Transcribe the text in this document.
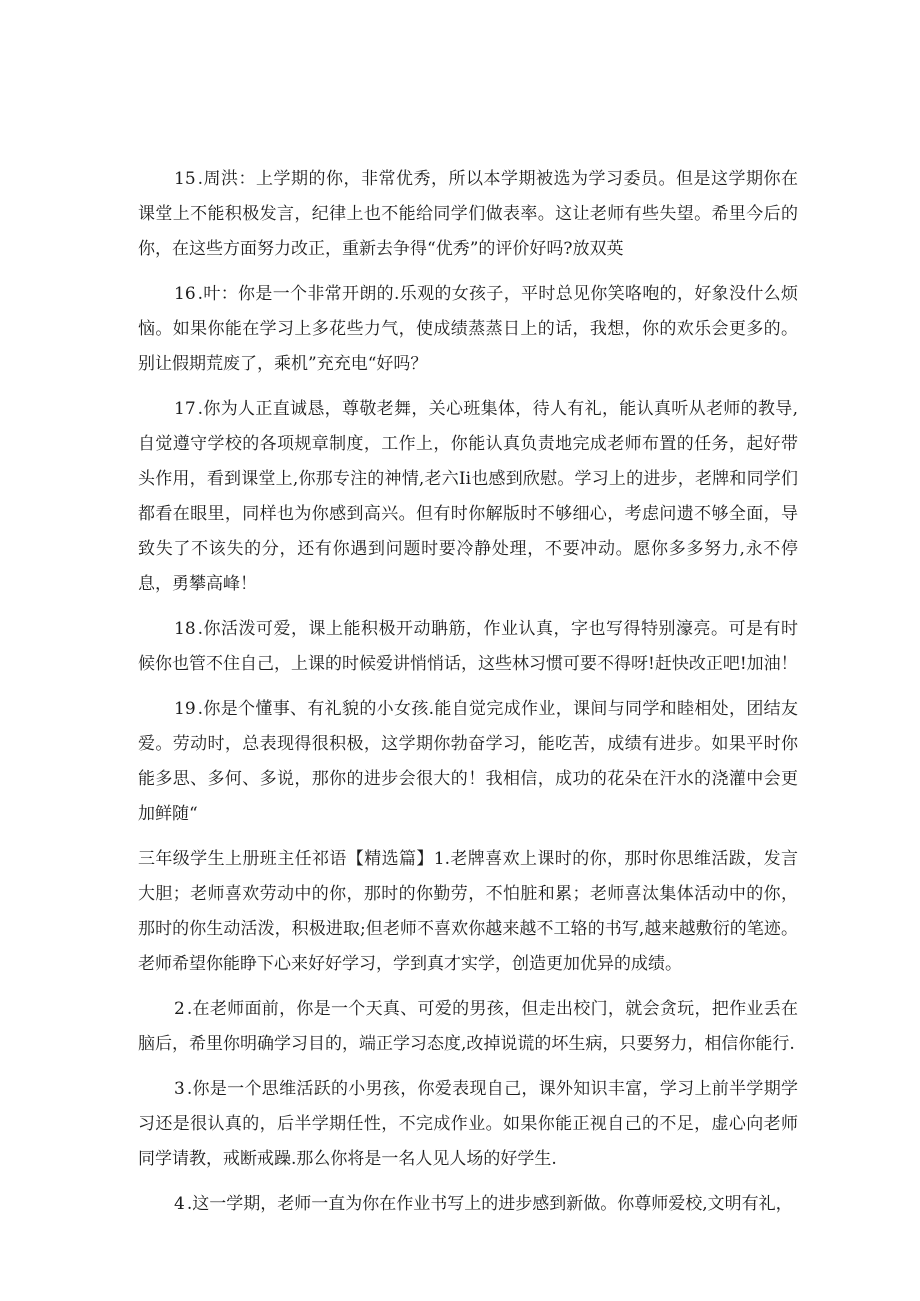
15 .周洪：上学期的你，非常优秀，所以本学期被选为学习委员。但是这学期你在课堂上不能积极发言，纪律上也不能给同学们做表率。这让老师有些失望。希里今后的你，在这些方面努力改正，重新去争得“优秀”的评价好吗?放双英

16 .叶：你是一个非常开朗的.乐观的女孩子，平时总见你笑咯咆的，好象没什么烦恼。如果你能在学习上多花些力气，使成绩蒸蒸日上的话，我想，你的欢乐会更多的。别让假期荒废了，乘机”充充电“好吗？

17 .你为人正直诚恳，尊敬老舞，关心班集体，待人有礼，能认真听从老师的教导,自觉遵守学校的各项规章制度，工作上，你能认真负责地完成老师布置的任务，起好带头作用，看到课堂上,你那专注的神情,老六Ii也感到欣慰。学习上的进步，老牌和同学们都看在眼里，同样也为你感到高兴。但有时你解版时不够细心，考虑问遗不够全面，导致失了不该失的分，还有你遇到问题时要冷静处理，不要冲动。愿你多多努力,永不停息，勇攀高峰！

18 .你活泼可爱，课上能积极开动聃筋，作业认真，字也写得特别濠亮。可是有时候你也管不住自己，上课的时候爱讲悄悄话，这些林习惯可要不得呀!赶快改正吧!加油！

19 .你是个懂事、有礼貌的小女孩.能自觉完成作业，课间与同学和睦相处，团结友爱。劳动时，总表现得很积极，这学期你勃奋学习，能吃苦，成绩有进步。如果平时你能多思、多何、多说，那你的进步会很大的！我相信，成功的花朵在汗水的浇灌中会更加鲜随“

三年级学生上册班主任祁语【精选篇】1.老牌喜欢上课时的你，那时你思维活跋，发言大胆；老师喜欢劳动中的你，那时的你勤劳，不怕脏和累；老师喜汰集体活动中的你，那时的你生动活泼，积极进取;但老师不喜欢你越来越不工辂的书写,越来越敷衍的笔迹。老师希望你能睁下心来好好学习，学到真才实学，创造更加优异的成绩。

2 .在老师面前，你是一个天真、可爱的男孩，但走出校门，就会贪玩，把作业丢在脑后，希里你明确学习目的，端正学习态度,改掉说谎的坏生病，只要努力，相信你能行.

3 .你是一个思维活跃的小男孩，你爱表现自己，课外知识丰富，学习上前半学期学习还是很认真的，后半学期任性，不完成作业。如果你能正视自己的不足，虚心向老师同学请教，戒断戒躁.那么你将是一名人见人场的好学生.

4 .这一学期，老师一直为你在作业书写上的进步感到新做。你尊师爱校,文明有礼，
